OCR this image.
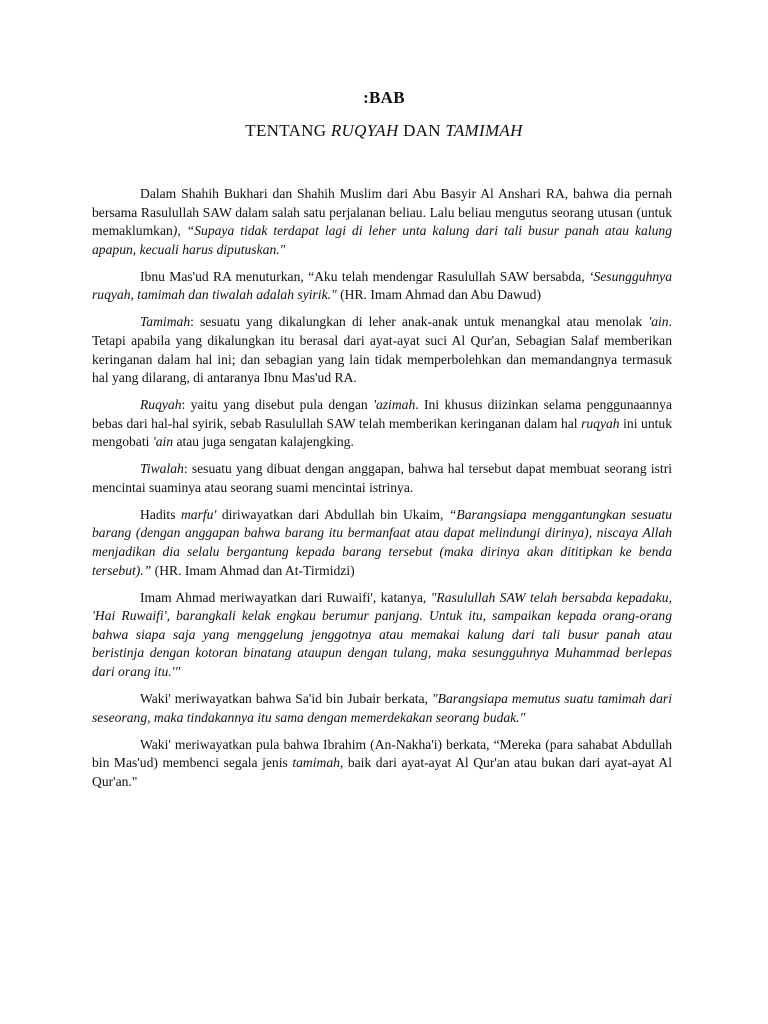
:BAB
TENTANG RUQYAH DAN TAMIMAH

Dalam Shahih Bukhari dan Shahih Muslim dari Abu Basyir Al Anshari RA, bahwa dia pernah bersama Rasulullah SAW dalam salah satu perjalanan beliau. Lalu beliau mengutus seorang utusan (untuk memaklumkan), “Supaya tidak terdapat lagi di leher unta kalung dari tali busur panah atau kalung apapun, kecuali harus diputuskan."

Ibnu Mas'ud RA menuturkan, “Aku telah mendengar Rasulullah SAW bersabda, ‘Sesungguhnya ruqyah, tamimah dan tiwalah adalah syirik." (HR. Imam Ahmad dan Abu Dawud)

Tamimah: sesuatu yang dikalungkan di leher anak-anak untuk menangkal atau menolak 'ain. Tetapi apabila yang dikalungkan itu berasal dari ayat-ayat suci Al Qur'an, Sebagian Salaf memberikan keringanan dalam hal ini; dan sebagian yang lain tidak memperbolehkan dan memandangnya termasuk hal yang dilarang, di antaranya Ibnu Mas'ud RA.

Ruqyah: yaitu yang disebut pula dengan 'azimah. Ini khusus diizinkan selama penggunaannya bebas dari hal-hal syirik, sebab Rasulullah SAW telah memberikan keringanan dalam hal ruqyah ini untuk mengobati 'ain atau juga sengatan kalajengking.

Tiwalah: sesuatu yang dibuat dengan anggapan, bahwa hal tersebut dapat membuat seorang istri mencintai suaminya atau seorang suami mencintai istrinya.

Hadits marfu' diriwayatkan dari Abdullah bin Ukaim, “Barangsiapa menggantungkan sesuatu barang (dengan anggapan bahwa barang itu bermanfaat atau dapat melindungi dirinya), niscaya Allah menjadikan dia selalu bergantung kepada barang tersebut (maka dirinya akan dititipkan ke benda tersebut).” (HR. Imam Ahmad dan At-Tirmidzi)

Imam Ahmad meriwayatkan dari Ruwaifi', katanya, "Rasulullah SAW telah bersabda kepadaku, 'Hai Ruwaifi', barangkali kelak engkau berumur panjang. Untuk itu, sampaikan kepada orang-orang bahwa siapa saja yang menggelung jenggotnya atau memakai kalung dari tali busur panah atau beristinja dengan kotoran binatang ataupun dengan tulang, maka sesungguhnya Muhammad berlepas dari orang itu.'"

Waki' meriwayatkan bahwa Sa'id bin Jubair berkata, "Barangsiapa memutus suatu tamimah dari seseorang, maka tindakannya itu sama dengan memerdekakan seorang budak."

Waki' meriwayatkan pula bahwa Ibrahim (An-Nakha'i) berkata, “Mereka (para sahabat Abdullah bin Mas'ud) membenci segala jenis tamimah, baik dari ayat-ayat Al Qur'an atau bukan dari ayat-ayat Al Qur'an."
